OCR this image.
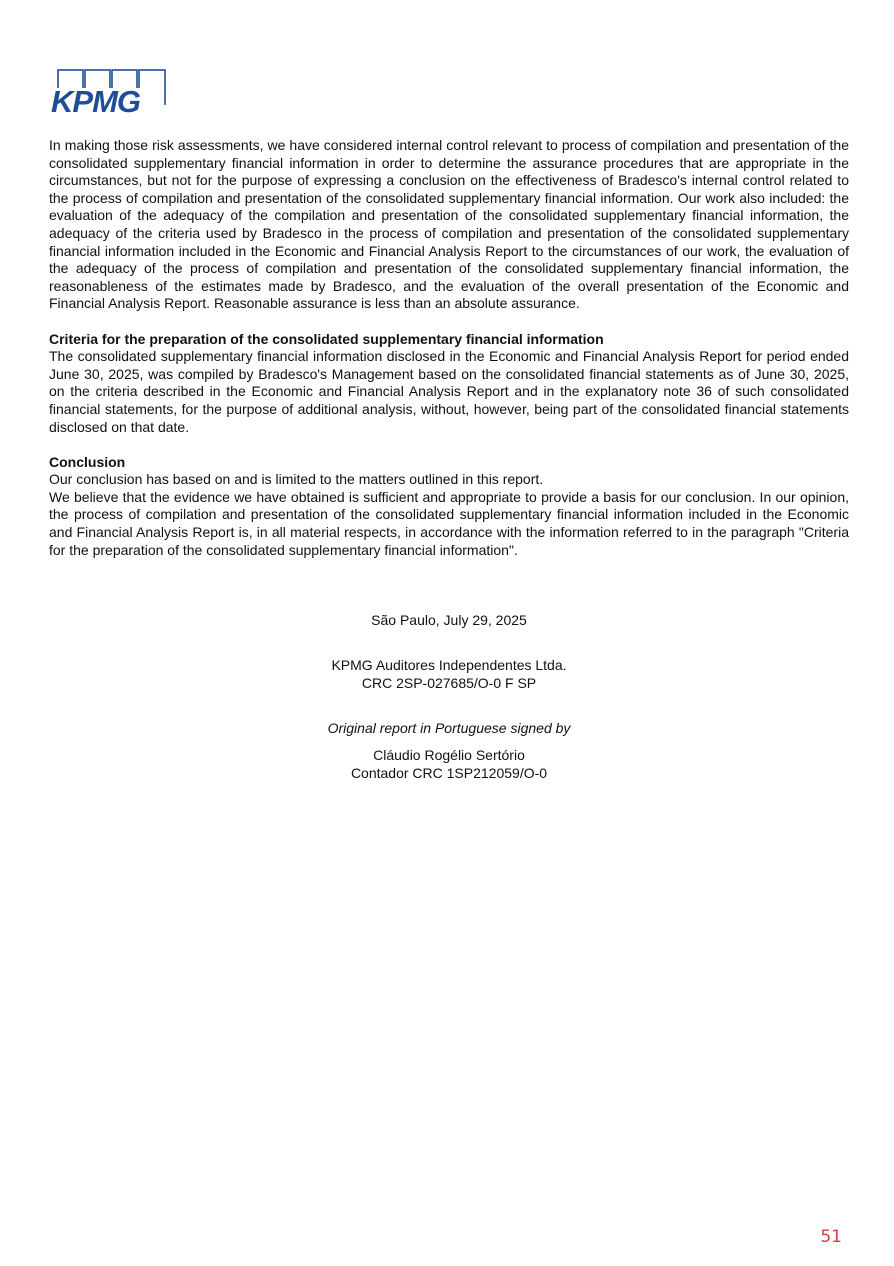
KPMG

In making those risk assessments, we have considered internal control relevant to process of compilation and presentation of the consolidated supplementary financial information in order to determine the assurance procedures that are appropriate in the circumstances, but not for the purpose of expressing a conclusion on the effectiveness of Bradesco's internal control related to the process of compilation and presentation of the consolidated supplementary financial information. Our work also included: the evaluation of the adequacy of the compilation and presentation of the consolidated supplementary financial information, the adequacy of the criteria used by Bradesco in the process of compilation and presentation of the consolidated supplementary financial information included in the Economic and Financial Analysis Report to the circumstances of our work, the evaluation of the adequacy of the process of compilation and presentation of the consolidated supplementary financial information, the reasonableness of the estimates made by Bradesco, and the evaluation of the overall presentation of the Economic and Financial Analysis Report. Reasonable assurance is less than an absolute assurance.

Criteria for the preparation of the consolidated supplementary financial information

The consolidated supplementary financial information disclosed in the Economic and Financial Analysis Report for period ended June 30, 2025, was compiled by Bradesco's Management based on the consolidated financial statements as of June 30, 2025, on the criteria described in the Economic and Financial Analysis Report and in the explanatory note 36 of such consolidated financial statements, for the purpose of additional analysis, without, however, being part of the consolidated financial statements disclosed on that date.

Conclusion

Our conclusion has based on and is limited to the matters outlined in this report.

We believe that the evidence we have obtained is sufficient and appropriate to provide a basis for our conclusion. In our opinion, the process of compilation and presentation of the consolidated supplementary financial information included in the Economic and Financial Analysis Report is, in all material respects, in accordance with the information referred to in the paragraph "Criteria for the preparation of the consolidated supplementary financial information".

São Paulo, July 29, 2025
KPMG Auditores Independentes Ltda.
CRC 2SP-027685/O-0 F SP
Original report in Portuguese signed by
Cláudio Rogélio Sertório
Contador CRC 1SP212059/O-0
51
